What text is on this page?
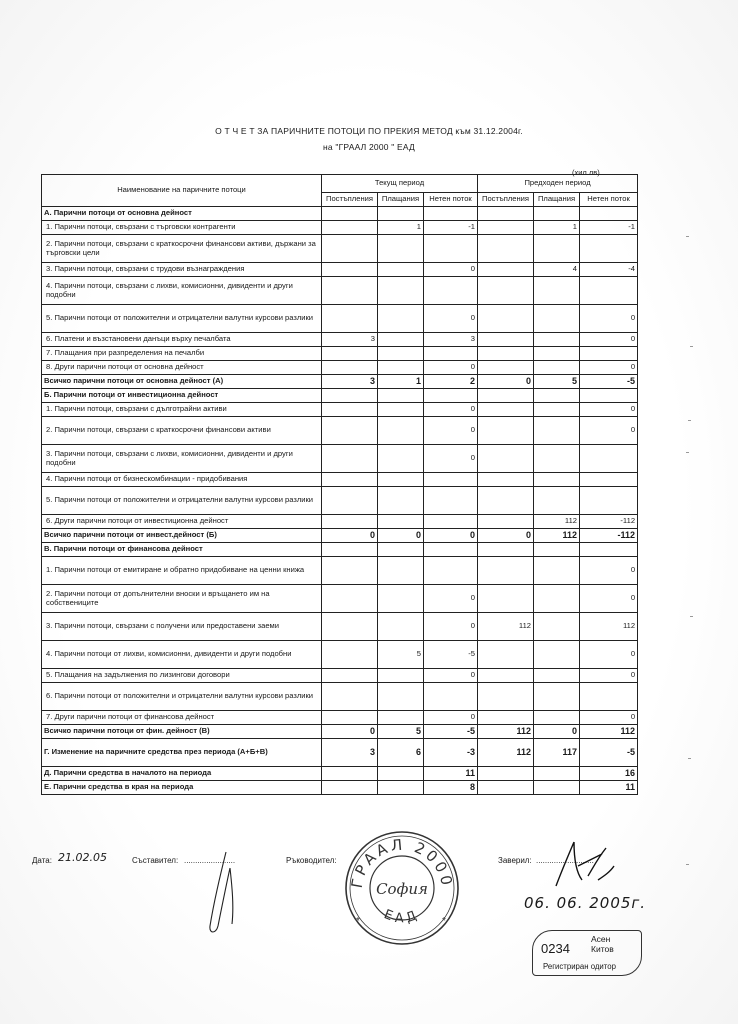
О Т Ч Е Т ЗА ПАРИЧНИТЕ ПОТОЦИ ПО ПРЕКИЯ МЕТОД към 31.12.2004г.
на "ГРААЛ 2000 " ЕАД
(хил.лв)
Наименование на паричните потоци	Текущ период			Предходен период		
	Постъпления	Плащания	Нетен поток	Постъпления	Плащания	Нетен поток
А. Парични потоци от основна дейност						
1. Парични потоци, свързани с търговски контрагенти		1	-1		1	-1
2. Парични потоци, свързани с краткосрочни финансови активи, държани за търговски цели						
3. Парични потоци, свързани с трудови възнаграждения			0		4	-4
4. Парични потоци, свързани с лихви, комисионни, дивиденти и други подобни						
5. Парични потоци от положителни и отрицателни валутни курсови разлики			0			0
6. Платени и възстановени данъци върху печалбата	3		3			0
7. Плащания при разпределения на печалби						
8. Други парични потоци от основна дейност			0			0
Всичко парични потоци от основна дейност (А)	3	1	2	0	5	-5
Б. Парични потоци от инвестиционна дейност						
1. Парични потоци, свързани с дълготрайни активи			0			0
2. Парични потоци, свързани с краткосрочни финансови активи			0			0
3. Парични потоци, свързани с лихви, комисионни, дивиденти и други подобни			0			
4. Парични потоци от бизнескомбинации - придобивания						
5. Парични потоци от положителни и отрицателни валутни курсови разлики						
6. Други парични потоци от инвестиционна дейност					112	-112
Всичко парични потоци от инвест.дейност (Б)	0	0	0	0	112	-112
В. Парични потоци от финансова дейност						
1. Парични потоци от емитиране и обратно придобиване на ценни книжа						0
2. Парични потоци от допълнителни вноски и връщането им на собствениците			0			0
3. Парични потоци, свързани с получени или предоставени заеми			0	112		112
4. Парични потоци от лихви, комисионни, дивиденти и други подобни		5	-5			0
5. Плащания на задължения по лизингови договори			0			0
6. Парични потоци от положителни и отрицателни валутни курсови разлики						
7. Други парични потоци от финансова дейност			0			0
Всичко парични потоци от фин. дейност (В)	0	5	-5	112	0	112
Г. Изменение на паричните средства през периода (А+Б+В)	3	6	-3	112	117	-5
Д. Парични средства в началото на периода			11			16
Е. Парични средства в края на периода			8			11
Дата: 21.02.05	Съставител: .......................	Ръководител:	Заверил: ..........................
ГРААЛ 2000
София
ЕАД
*	*
06. 06. 2005г.
0234
Асен
Китов
Регистриран одитор
